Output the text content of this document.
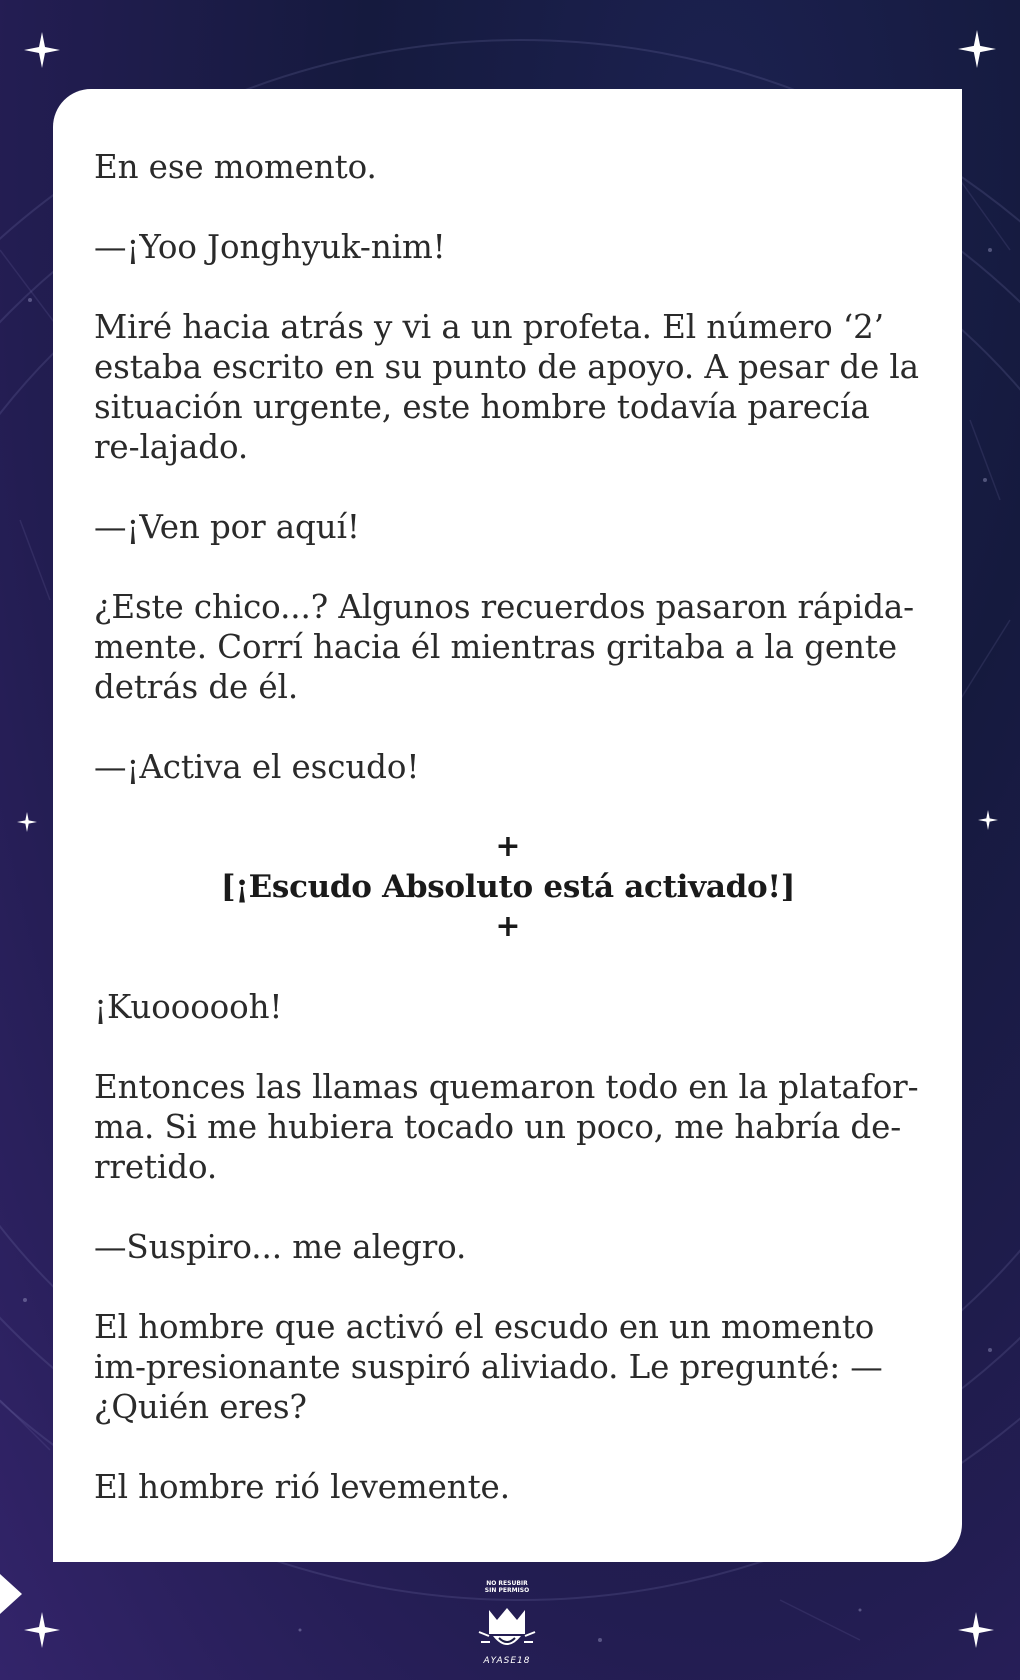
En ese momento.

—¡Yoo Jonghyuk-nim!

Miré hacia atrás y vi a un profeta. El número ‘2’ estaba escrito en su punto de apoyo. A pesar de la situación urgente, este hombre todavía parecía re-lajado.

—¡Ven por aquí!

¿Este chico...? Algunos recuerdos pasaron rápida-mente. Corrí hacia él mientras gritaba a la gente detrás de él.

—¡Activa el escudo!

+
[¡Escudo Absoluto está activado!]
+

¡Kuoooooh!

Entonces las llamas quemaron todo en la platafor-ma. Si me hubiera tocado un poco, me habría de-rretido.

—Suspiro... me alegro.

El hombre que activó el escudo en un momento im-presionante suspiró aliviado. Le pregunté: —¿Quién eres?

El hombre rió levemente.

NO RESUBIR
SIN PERMISO
AYASE18
